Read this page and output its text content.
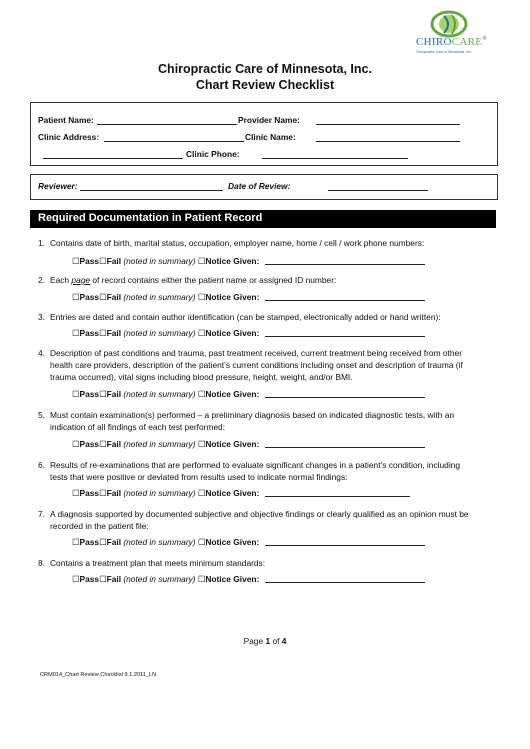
CHIROCARE®
Chiropractic Care of Minnesota, Inc.
Chiropractic Care of Minnesota, Inc.
Chart Review Checklist
Patient Name:	Provider Name:
Clinic Address:	Clinic Name:
Clinic Phone:
Reviewer:	Date of Review:
Required Documentation in Patient Record
1. Contains date of birth, marital status, occupation, employer name, home / cell / work phone numbers:
☐Pass☐Fail (noted in summary) ☐Notice Given:
2. Each page of record contains either the patient name or assigned ID number:
☐Pass☐Fail (noted in summary) ☐Notice Given:
3. Entries are dated and contain author identification (can be stamped, electronically added or hand written):
☐Pass☐Fail (noted in summary) ☐Notice Given:
4. Description of past conditions and trauma, past treatment received, current treatment being received from other
health care providers, description of the patient’s current conditions including onset and description of trauma (if
trauma occurred), vital signs including blood pressure, height, weight, and/or BMI.
☐Pass☐Fail (noted in summary) ☐Notice Given:
5. Must contain examination(s) performed – a preliminary diagnosis based on indicated diagnostic tests, with an
indication of all findings of each test performed:
☐Pass☐Fail (noted in summary) ☐Notice Given:
6. Results of re-examinations that are performed to evaluate significant changes in a patient’s condition, including
tests that were positive or deviated from results used to indicate normal findings:
☐Pass☐Fail (noted in summary) ☐Notice Given:
7. A diagnosis supported by documented subjective and objective findings or clearly qualified as an opinion must be
recorded in the patient file:
☐Pass☐Fail (noted in summary) ☐Notice Given:
8. Contains a treatment plan that meets minimum standards:
☐Pass☐Fail (noted in summary) ☐Notice Given:
Page 1 of 4
CRM014_Chart Review Checklist 9.1.2011_LN
